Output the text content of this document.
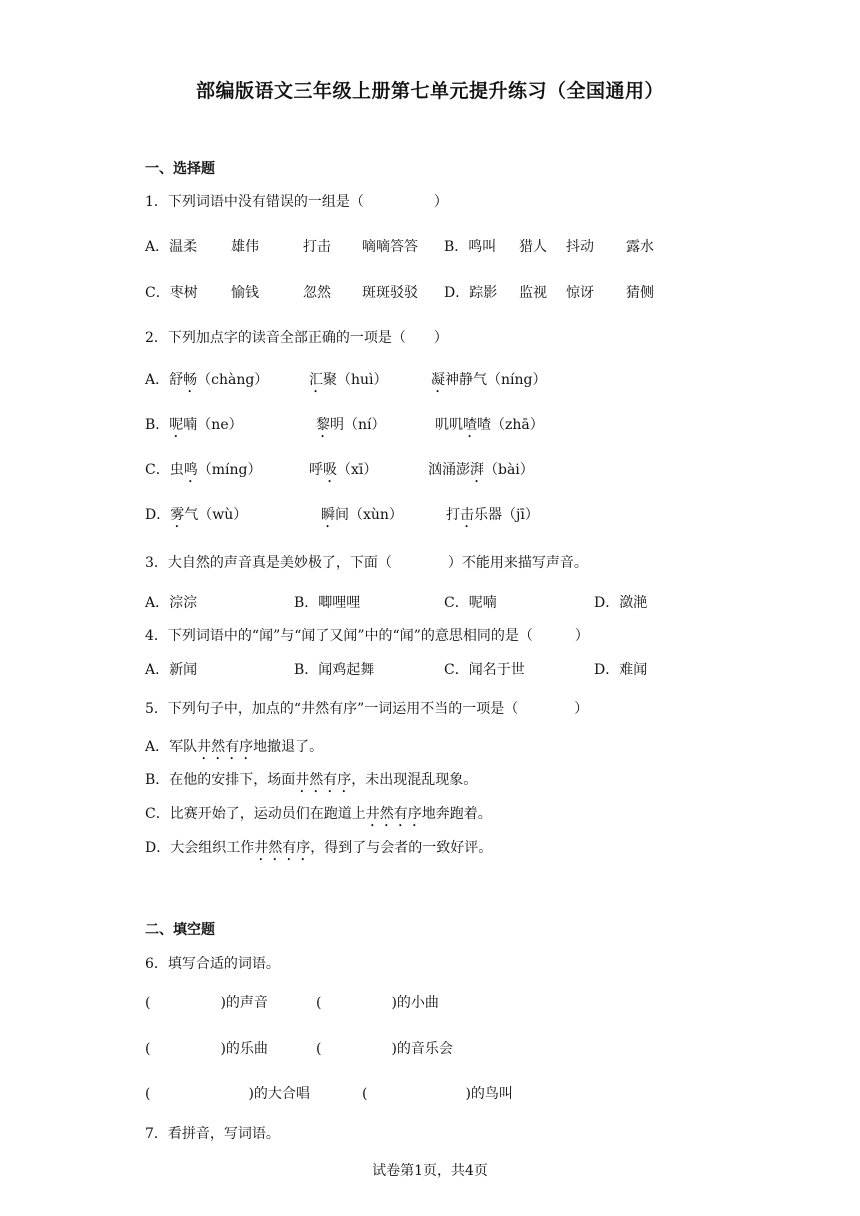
部编版语文三年级上册第七单元提升练习（全国通用）
一、选择题
1．下列词语中没有错误的一组是（　　　　　）
A．温柔 雄伟	打击 嘀嘀答答 B．鸣叫 猎人 抖动 露水
C．枣树 愉钱	忽然 斑斑驳驳 D．踪影 监视 惊讶 猜侧
2．下列加点字的读音全部正确的一项是（　　）
A．舒畅（chàng）	汇聚（huì）	凝神静气（níng）
B．呢喃（ne）	黎明（ní）	叽叽喳喳（zhā）
C．虫鸣（míng）	呼吸（xī）	汹涌澎湃（bài）
D．雾气（wù）	瞬间（xùn）	打击乐器（jī）
3．大自然的声音真是美妙极了，下面（　　　　）不能用来描写声音。
A．淙淙	B．唧哩哩	C．呢喃	D．潋滟
4．下列词语中的“闻”与“闻了又闻”中的“闻”的意思相同的是（　　　）
A．新闻	B．闻鸡起舞	C．闻名于世	D．难闻
5．下列句子中，加点的“井然有序”一词运用不当的一项是（　　　　）
A．军队井然有序地撤退了。
B．在他的安排下，场面井然有序，未出现混乱现象。
C．比赛开始了，运动员们在跑道上井然有序地奔跑着。
D．大会组织工作井然有序，得到了与会者的一致好评。
二、填空题
6．填写合适的词语。
(　　　　　)的声音	(　　　　　)的小曲
(　　　　　)的乐曲	(　　　　　)的音乐会
(　　　　　　　)的大合唱	(　　　　　　　)的鸟叫
7．看拼音，写词语。
试卷第1页，共4页
